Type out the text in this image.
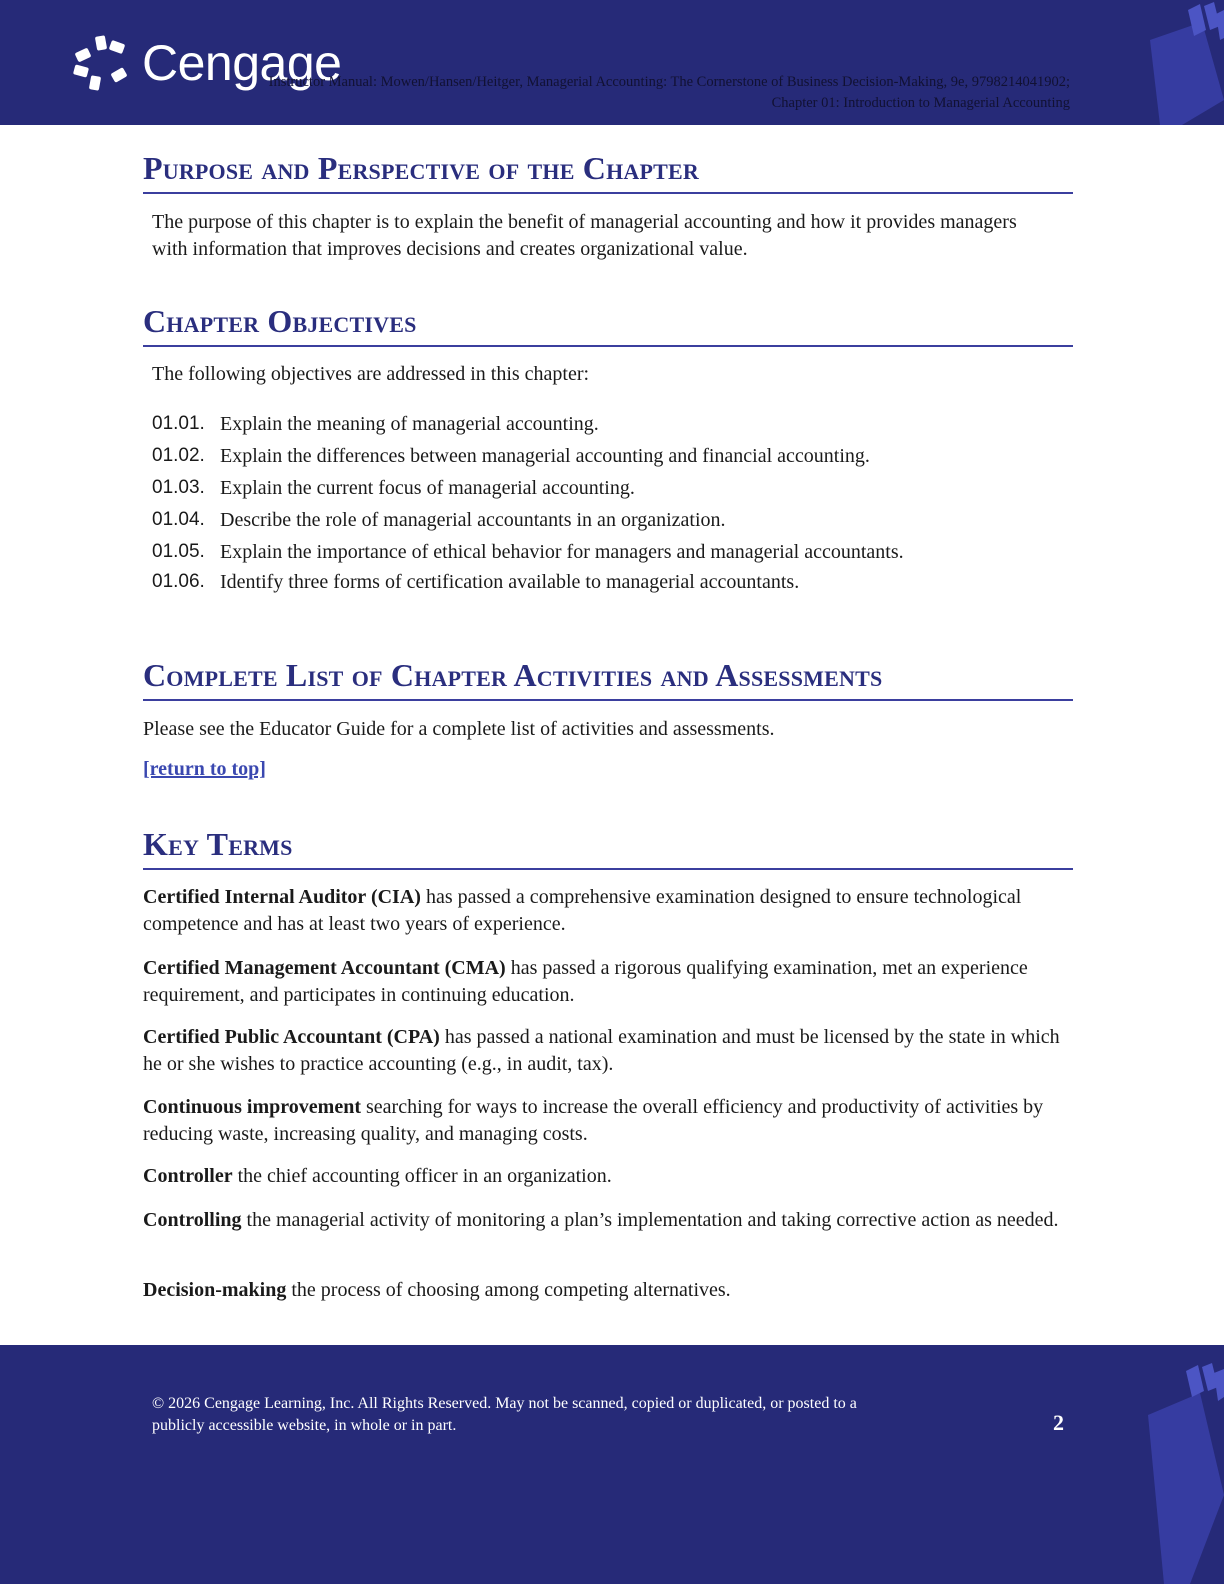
Cengage
Instructor Manual: Mowen/Hansen/Heitger, Managerial Accounting: The Cornerstone of Business Decision-Making, 9e, 9798214041902;
Chapter 01: Introduction to Managerial Accounting
Purpose and Perspective of the Chapter
The purpose of this chapter is to explain the benefit of managerial accounting and how it provides managers with information that improves decisions and creates organizational value.
Chapter Objectives
The following objectives are addressed in this chapter:
01.01. Explain the meaning of managerial accounting.
01.02. Explain the differences between managerial accounting and financial accounting.
01.03. Explain the current focus of managerial accounting.
01.04. Describe the role of managerial accountants in an organization.
01.05. Explain the importance of ethical behavior for managers and managerial accountants.
01.06. Identify three forms of certification available to managerial accountants.
Complete List of Chapter Activities and Assessments
Please see the Educator Guide for a complete list of activities and assessments.
[return to top]
Key Terms

Certified Internal Auditor (CIA) has passed a comprehensive examination designed to ensure technological competence and has at least two years of experience.

Certified Management Accountant (CMA) has passed a rigorous qualifying examination, met an experience requirement, and participates in continuing education.

Certified Public Accountant (CPA) has passed a national examination and must be licensed by the state in which he or she wishes to practice accounting (e.g., in audit, tax).

Continuous improvement searching for ways to increase the overall efficiency and productivity of activities by reducing waste, increasing quality, and managing costs.

Controller the chief accounting officer in an organization.

Controlling the managerial activity of monitoring a plan’s implementation and taking corrective action as needed.

Decision-making the process of choosing among competing alternatives.

© 2026 Cengage Learning, Inc. All Rights Reserved. May not be scanned, copied or duplicated, or posted to a publicly accessible website, in whole or in part.	2
